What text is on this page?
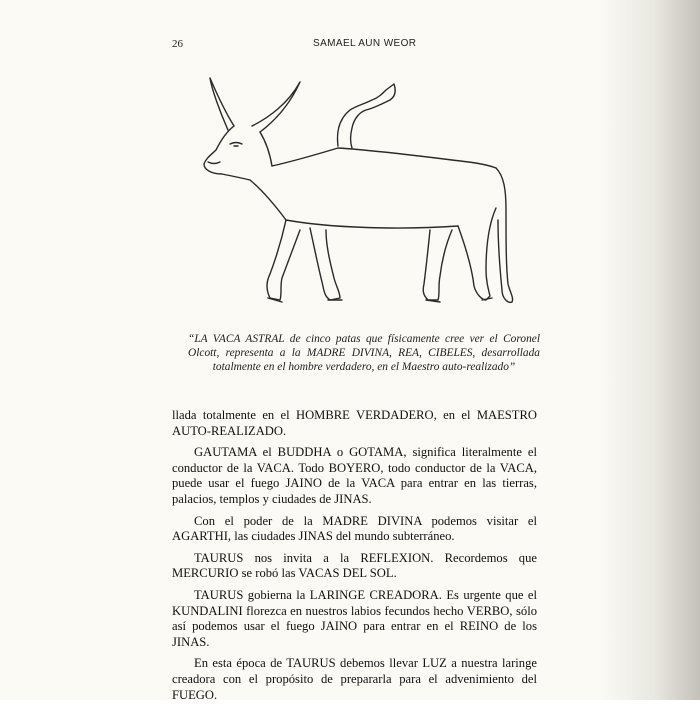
26	SAMAEL AUN WEOR
“LA VACA ASTRAL de cinco patas que físicamente cree ver el Coronel Olcott, representa a la MADRE DIVINA, REA, CIBELES, desarrollada totalmente en el hombre verdadero, en el Maestro auto-realizado”

llada totalmente en el HOMBRE VERDADERO, en el MAESTRO AUTO-REALIZADO.

GAUTAMA el BUDDHA o GOTAMA, significa literalmente el conductor de la VACA. Todo BOYERO, todo conductor de la VACA, puede usar el fuego JAINO de la VACA para entrar en las tierras, palacios, templos y ciudades de JINAS.

Con el poder de la MADRE DIVINA podemos visitar el AGARTHI, las ciudades JINAS del mundo subterráneo.

TAURUS nos invita a la REFLEXION. Recordemos que MERCURIO se robó las VACAS DEL SOL.

TAURUS gobierna la LARINGE CREADORA. Es urgente que el KUNDALINI florezca en nuestros labios fecundos hecho VERBO, sólo así podemos usar el fuego JAINO para entrar en el REINO de los JINAS.

En esta época de TAURUS debemos llevar LUZ a nuestra laringe creadora con el propósito de prepararla para el advenimiento del FUEGO.
